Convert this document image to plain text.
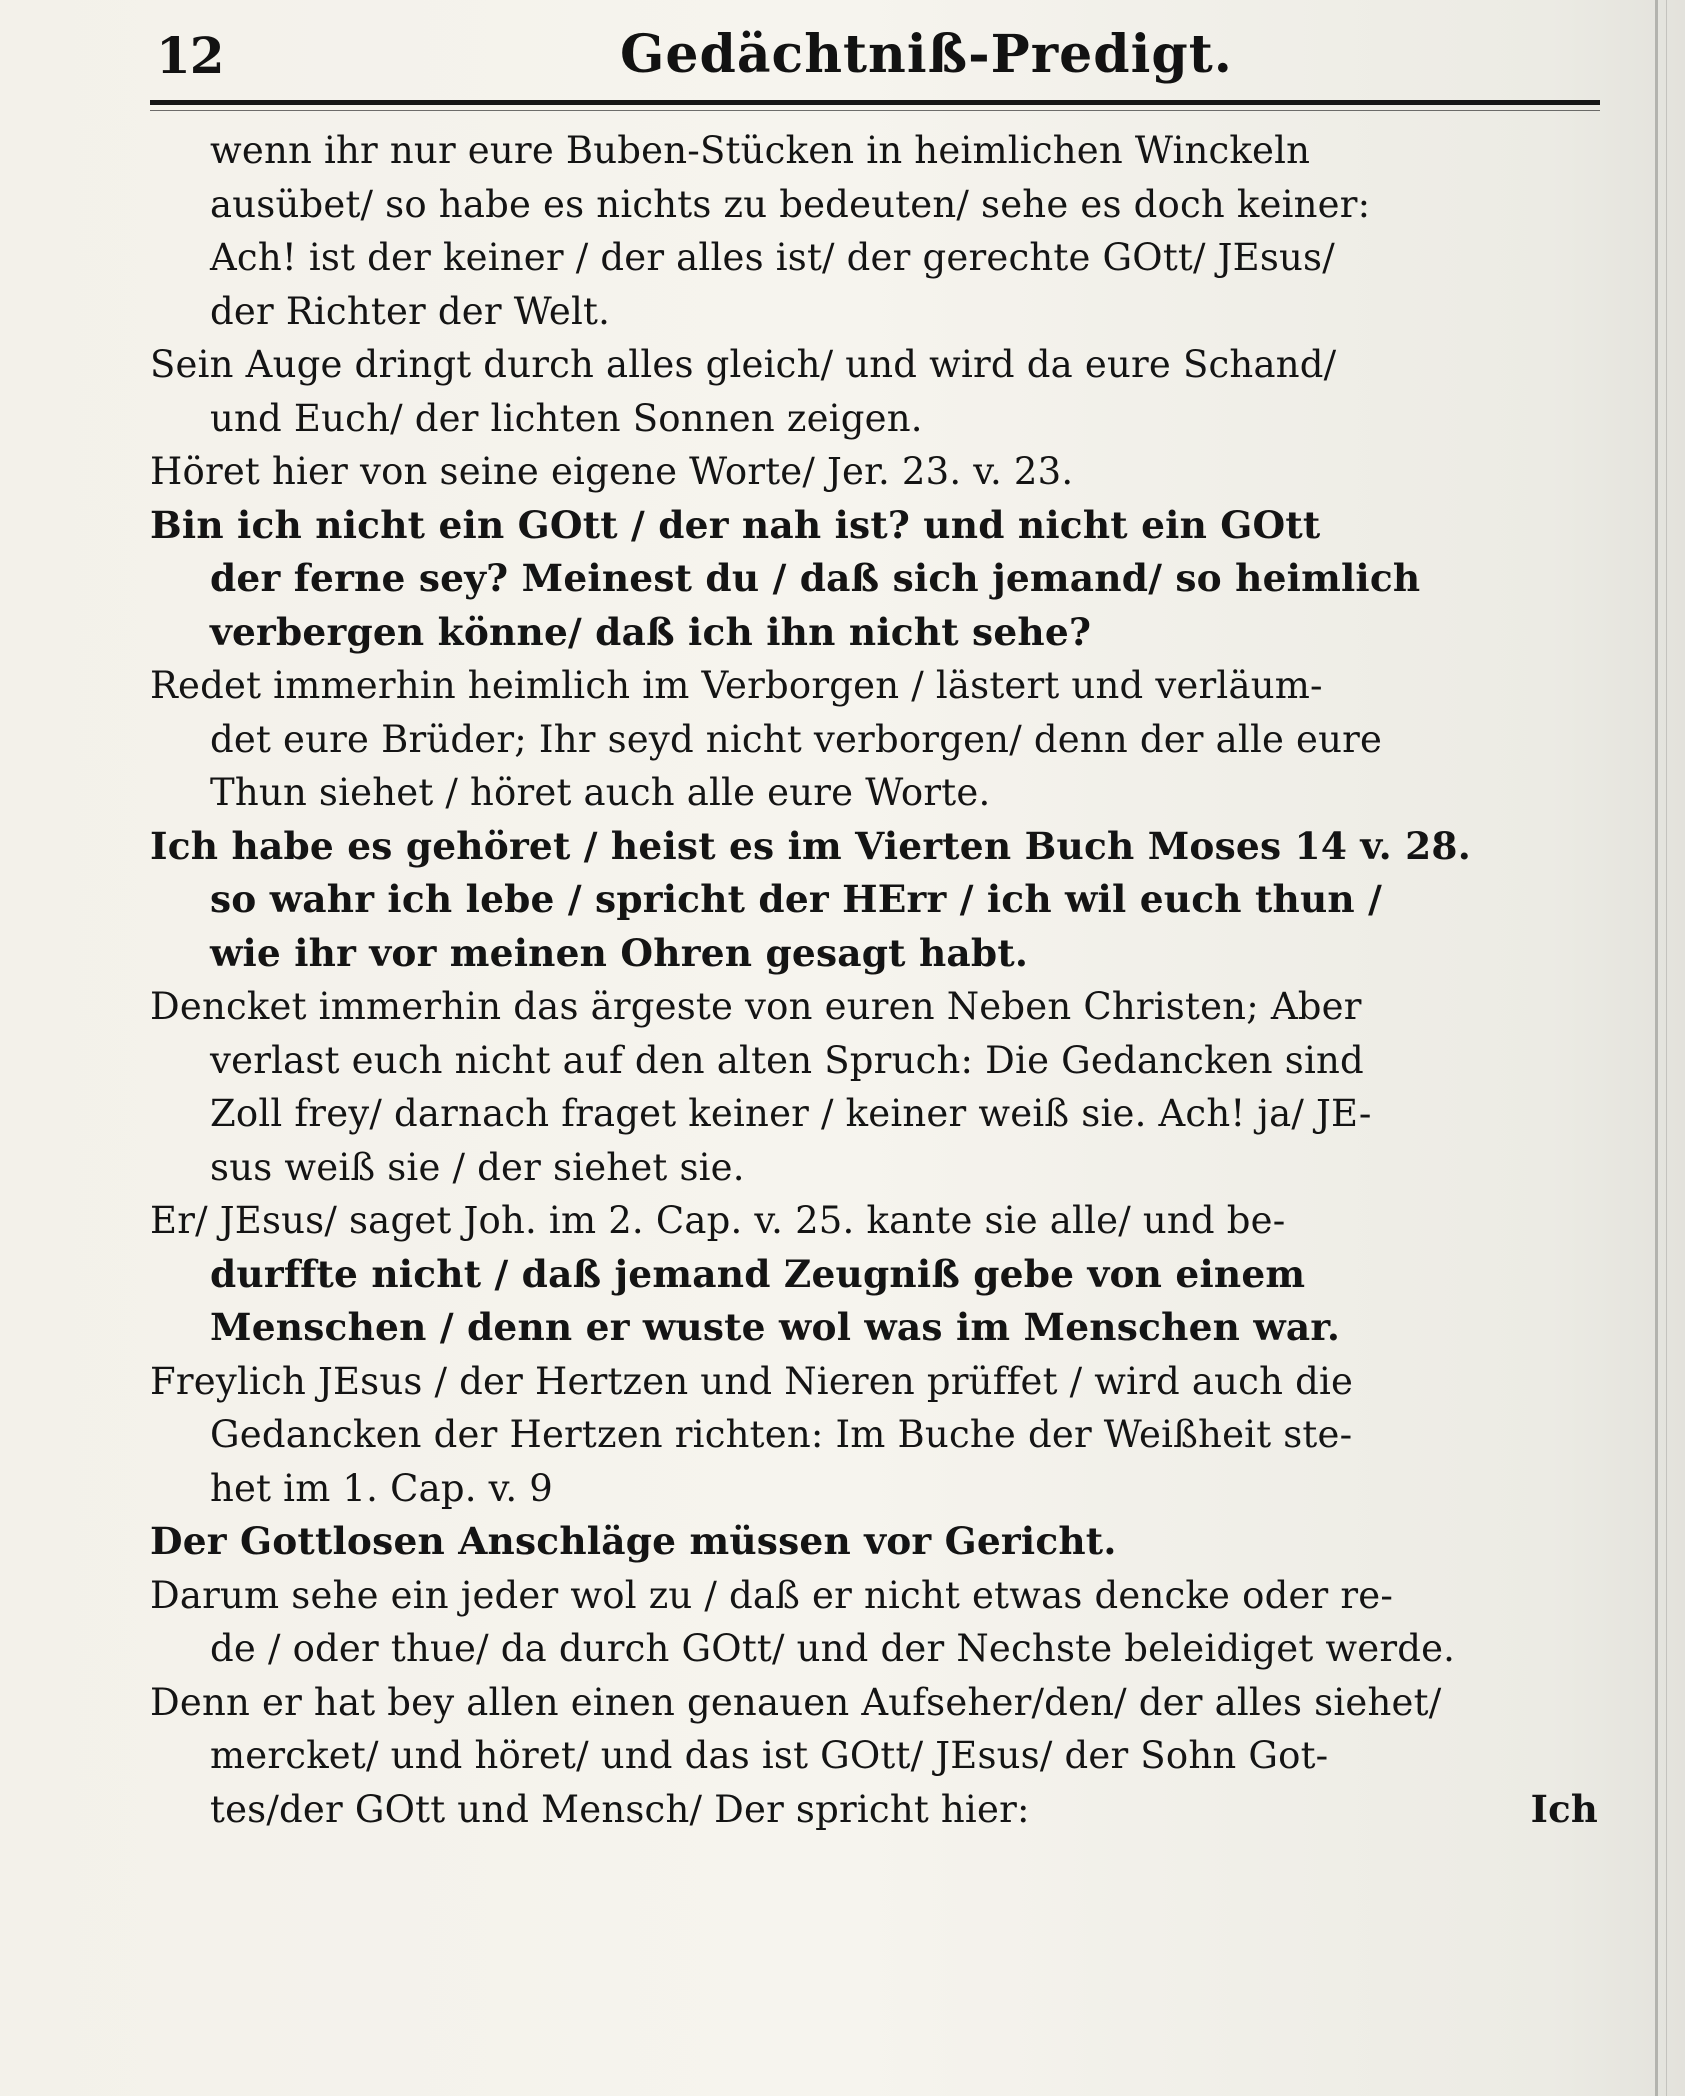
12	Gedächtniß-Predigt.
wenn ihr nur eure Buben-Stücken in heimlichen Winckeln
ausübet/ so habe es nichts zu bedeuten/ sehe es doch keiner:
Ach! ist der keiner / der alles ist/ der gerechte GOtt/ JEsus/
der Richter der Welt.
Sein Auge dringt durch alles gleich/ und wird da eure Schand/
und Euch/ der lichten Sonnen zeigen.
Höret hier von seine eigene Worte/ Jer. 23. v. 23.
Bin ich nicht ein GOtt / der nah ist? und nicht ein GOtt
der ferne sey? Meinest du / daß sich jemand/ so heimlich
verbergen könne/ daß ich ihn nicht sehe?
Redet immerhin heimlich im Verborgen / lästert und verläum-
det eure Brüder; Ihr seyd nicht verborgen/ denn der alle eure
Thun siehet / höret auch alle eure Worte.
Ich habe es gehöret / heist es im Vierten Buch Moses 14 v. 28.
so wahr ich lebe / spricht der HErr / ich wil euch thun /
wie ihr vor meinen Ohren gesagt habt.
Dencket immerhin das ärgeste von euren Neben Christen; Aber
verlast euch nicht auf den alten Spruch: Die Gedancken sind
Zoll frey/ darnach fraget keiner / keiner weiß sie. Ach! ja/ JE-
sus weiß sie / der siehet sie.
Er/ JEsus/ saget Joh. im 2. Cap. v. 25. kante sie alle/ und be-
durffte nicht / daß jemand Zeugniß gebe von einem
Menschen / denn er wuste wol was im Menschen war.
Freylich JEsus / der Hertzen und Nieren prüffet / wird auch die
Gedancken der Hertzen richten: Im Buche der Weißheit ste-
het im 1. Cap. v. 9
Der Gottlosen Anschläge müssen vor Gericht.
Darum sehe ein jeder wol zu / daß er nicht etwas dencke oder re-
de / oder thue/ da durch GOtt/ und der Nechste beleidiget werde.
Denn er hat bey allen einen genauen Aufseher/den/ der alles siehet/
mercket/ und höret/ und das ist GOtt/ JEsus/ der Sohn Got-
tes/der GOtt und Mensch/ Der spricht hier:	Ich
